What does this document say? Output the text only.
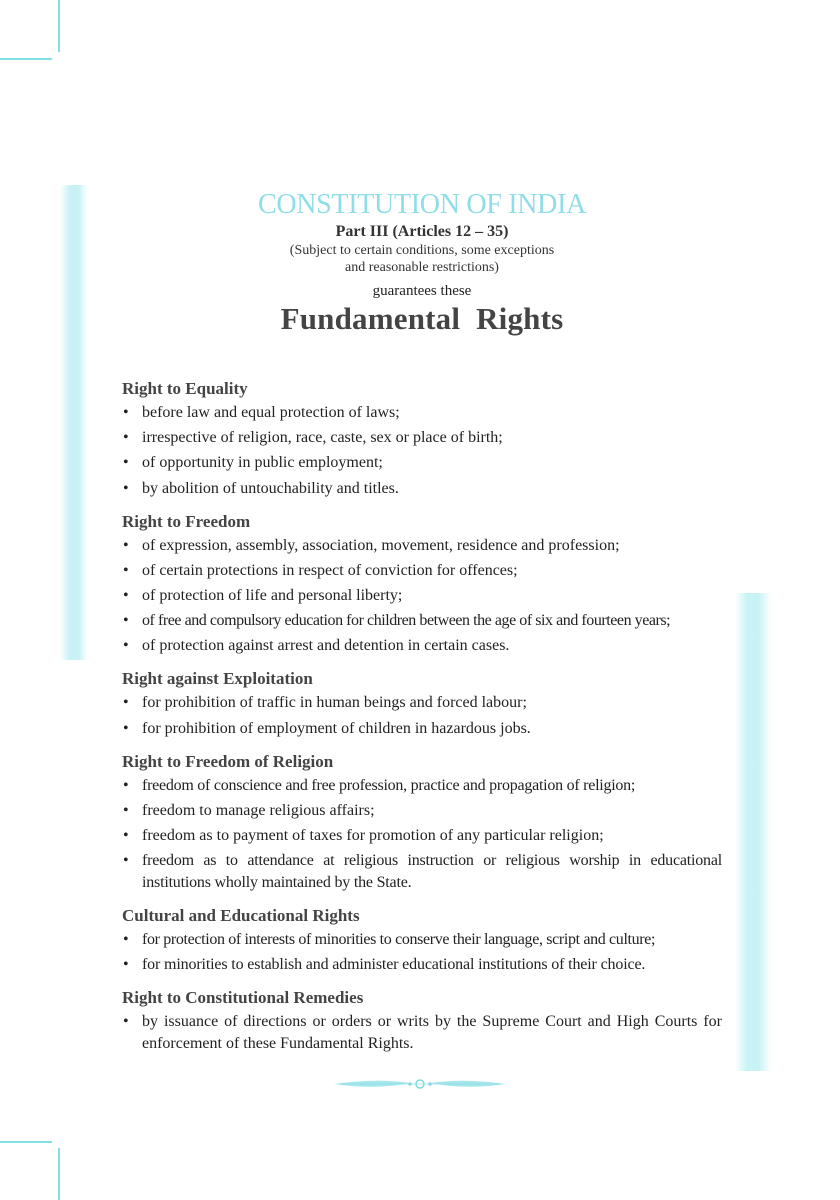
CONSTITUTION OF INDIA
Part III (Articles 12 – 35)
(Subject to certain conditions, some exceptions
and reasonable restrictions)
guarantees these
Fundamental  Rights
Right to Equality
• before law and equal protection of laws;
• irrespective of religion, race, caste, sex or place of birth;
• of opportunity in public employment;
• by abolition of untouchability and titles.
Right to Freedom
• of expression, assembly, association, movement, residence and profession;
• of certain protections in respect of conviction for offences;
• of protection of life and personal liberty;
• of free and compulsory education for children between the age of six and fourteen years;
• of protection against arrest and detention in certain cases.
Right against Exploitation
• for prohibition of traffic in human beings and forced labour;
• for prohibition of employment of children in hazardous jobs.
Right to Freedom of Religion
• freedom of conscience and free profession, practice and propagation of religion;
• freedom to manage religious affairs;
• freedom as to payment of taxes for promotion of any particular religion;
• freedom as to attendance at religious instruction or religious worship in educational institutions wholly maintained by the State.
Cultural and Educational Rights
• for protection of interests of minorities to conserve their language, script and culture;
• for minorities to establish and administer educational institutions of their choice.
Right to Constitutional Remedies
• by issuance of directions or orders or writs by the Supreme Court and High Courts for enforcement of these Fundamental Rights.
